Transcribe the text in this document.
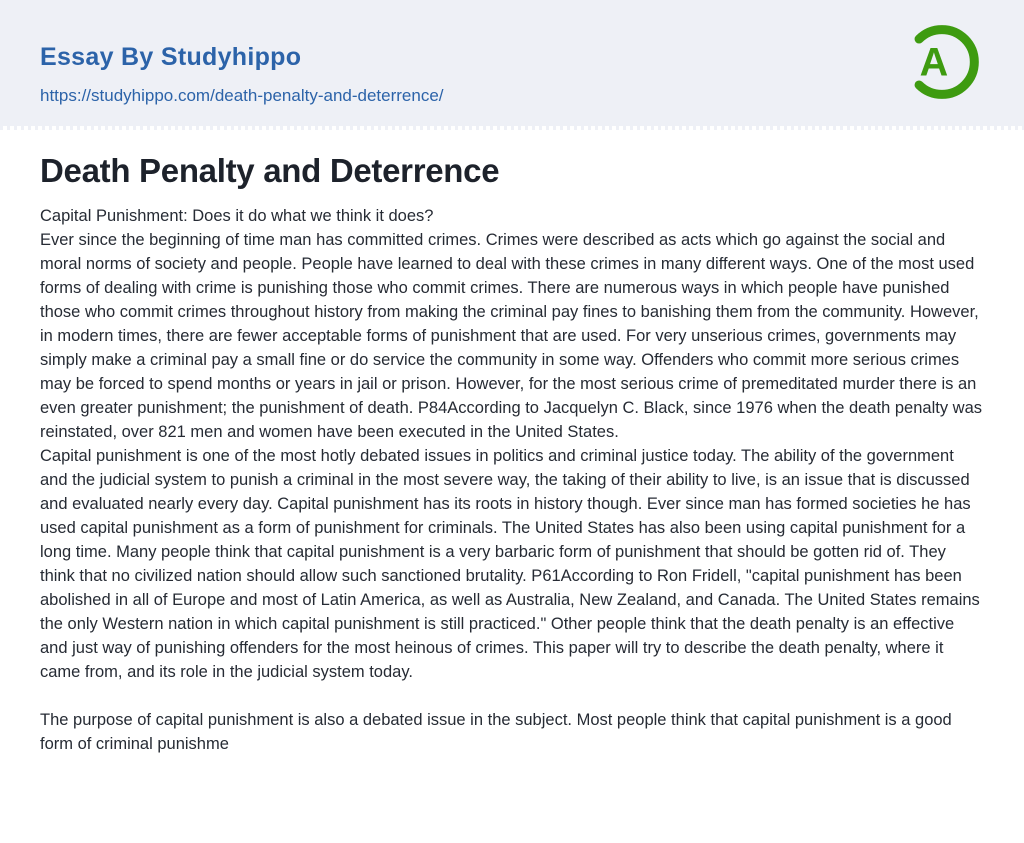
Essay By Studyhippo
https://studyhippo.com/death-penalty-and-deterrence/
A
Death Penalty and Deterrence

Capital Punishment: Does it do what we think it does?

Ever since the beginning of time man has committed crimes. Crimes were described as acts which go against the social and moral norms of society and people. People have learned to deal with these crimes in many different ways. One of the most used forms of dealing with crime is punishing those who commit crimes. There are numerous ways in which people have punished those who commit crimes throughout history from making the criminal pay fines to banishing them from the community. However, in modern times, there are fewer acceptable forms of punishment that are used. For very unserious crimes, governments may simply make a criminal pay a small fine or do service the community in some way. Offenders who commit more serious crimes may be forced to spend months or years in jail or prison. However, for the most serious crime of premeditated murder there is an even greater punishment; the punishment of death. P84According to Jacquelyn C. Black, since 1976 when the death penalty was reinstated, over 821 men and women have been executed in the United States.

Capital punishment is one of the most hotly debated issues in politics and criminal justice today. The ability of the government and the judicial system to punish a criminal in the most severe way, the taking of their ability to live, is an issue that is discussed and evaluated nearly every day. Capital punishment has its roots in history though. Ever since man has formed societies he has used capital punishment as a form of punishment for criminals. The United States has also been using capital punishment for a long time. Many people think that capital punishment is a very barbaric form of punishment that should be gotten rid of. They think that no civilized nation should allow such sanctioned brutality. P61According to Ron Fridell, "capital punishment has been abolished in all of Europe and most of Latin America, as well as Australia, New Zealand, and Canada. The United States remains the only Western nation in which capital punishment is still practiced." Other people think that the death penalty is an effective and just way of punishing offenders for the most heinous of crimes. This paper will try to describe the death penalty, where it came from, and its role in the judicial system today.

The purpose of capital punishment is also a debated issue in the subject. Most people think that capital punishment is a good form of criminal punishme
